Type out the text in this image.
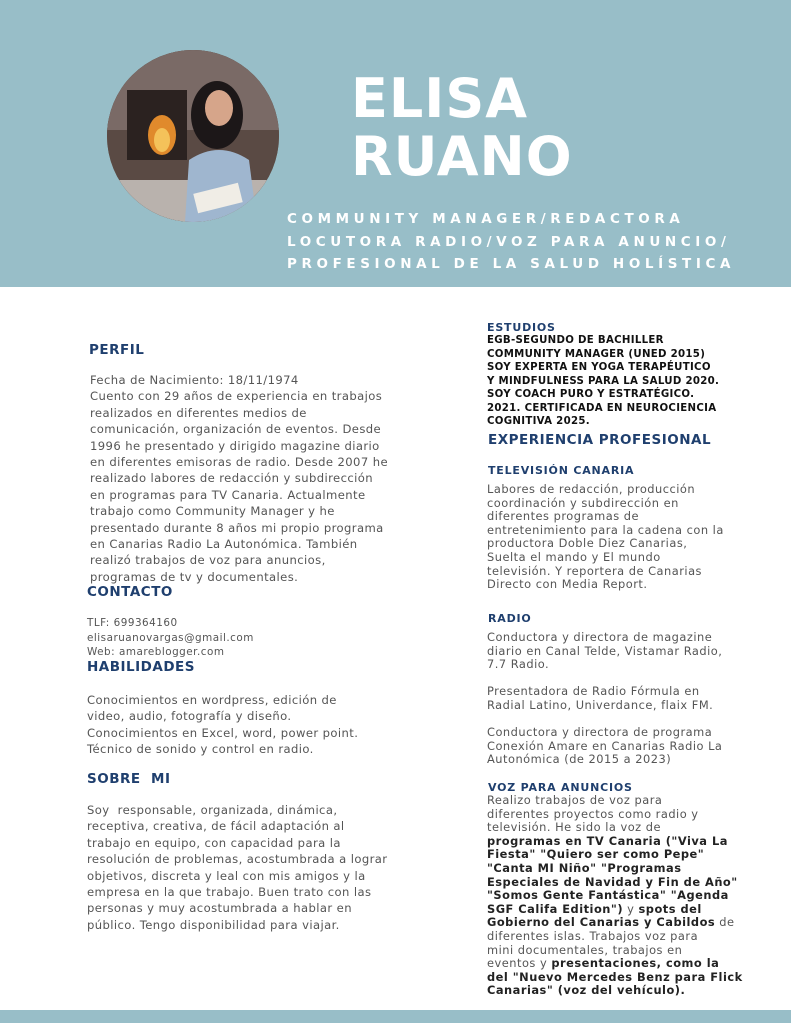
ELISA
RUANO
COMMUNITY MANAGER/REDACTORA
LOCUTORA RADIO/VOZ PARA ANUNCIO/
PROFESIONAL DE LA SALUD HOLÍSTICA
PERFIL

Fecha de Nacimiento: 18/11/1974
Cuento con 29 años de experiencia en trabajos
realizados en diferentes medios de
comunicación, organización de eventos. Desde
1996 he presentado y dirigido magazine diario
en diferentes emisoras de radio. Desde 2007 he
realizado labores de redacción y subdirección
en programas para TV Canaria. Actualmente
trabajo como Community Manager y he
presentado durante 8 años mi propio programa
en Canarias Radio La Autonómica. También
realizó trabajos de voz para anuncios,
programas de tv y documentales.

CONTACTO

TLF: 699364160
elisaruanovargas@gmail.com
Web: amareblogger.com

HABILIDADES

Conocimientos en wordpress, edición de
video, audio, fotografía y diseño.
Conocimientos en Excel, word, power point.
Técnico de sonido y control en radio.

SOBRE  MI

Soy  responsable, organizada, dinámica,
receptiva, creativa, de fácil adaptación al
trabajo en equipo, con capacidad para la
resolución de problemas, acostumbrada a lograr
objetivos, discreta y leal con mis amigos y la
empresa en la que trabajo. Buen trato con las
personas y muy acostumbrada a hablar en
público. Tengo disponibilidad para viajar.

ESTUDIOS

EGB-SEGUNDO DE BACHILLER
COMMUNITY MANAGER (UNED 2015)
SOY EXPERTA EN YOGA TERAPÉUTICO
Y MINDFULNESS PARA LA SALUD 2020.
SOY COACH PURO Y ESTRATÉGICO.
2021. CERTIFICADA EN NEUROCIENCIA
COGNITIVA 2025.

EXPERIENCIA PROFESIONAL
TELEVISIÓN CANARIA

Labores de redacción, producción
coordinación y subdirección en
diferentes programas de
entretenimiento para la cadena con la
productora Doble Diez Canarias,
Suelta el mando y El mundo
televisión. Y reportera de Canarias
Directo con Media Report.

RADIO

Conductora y directora de magazine
diario en Canal Telde, Vistamar Radio,
7.7 Radio.

Presentadora de Radio Fórmula en
Radial Latino, Univerdance, flaix FM.

Conductora y directora de programa
Conexión Amare en Canarias Radio La
Autonómica (de 2015 a 2023)

VOZ PARA ANUNCIOS

Realizo trabajos de voz para
diferentes proyectos como radio y
televisión. He sido la voz de
programas en TV Canaria ("Viva La
Fiesta" "Quiero ser como Pepe"
"Canta MI Niño" "Programas
Especiales de Navidad y Fin de Año"
"Somos Gente Fantástica" "Agenda
SGF Califa Edition") y spots del
Gobierno del Canarias y Cabildos de
diferentes islas. Trabajos voz para
mini documentales, trabajos en
eventos y presentaciones, como la
del "Nuevo Mercedes Benz para Flick
Canarias" (voz del vehículo).
